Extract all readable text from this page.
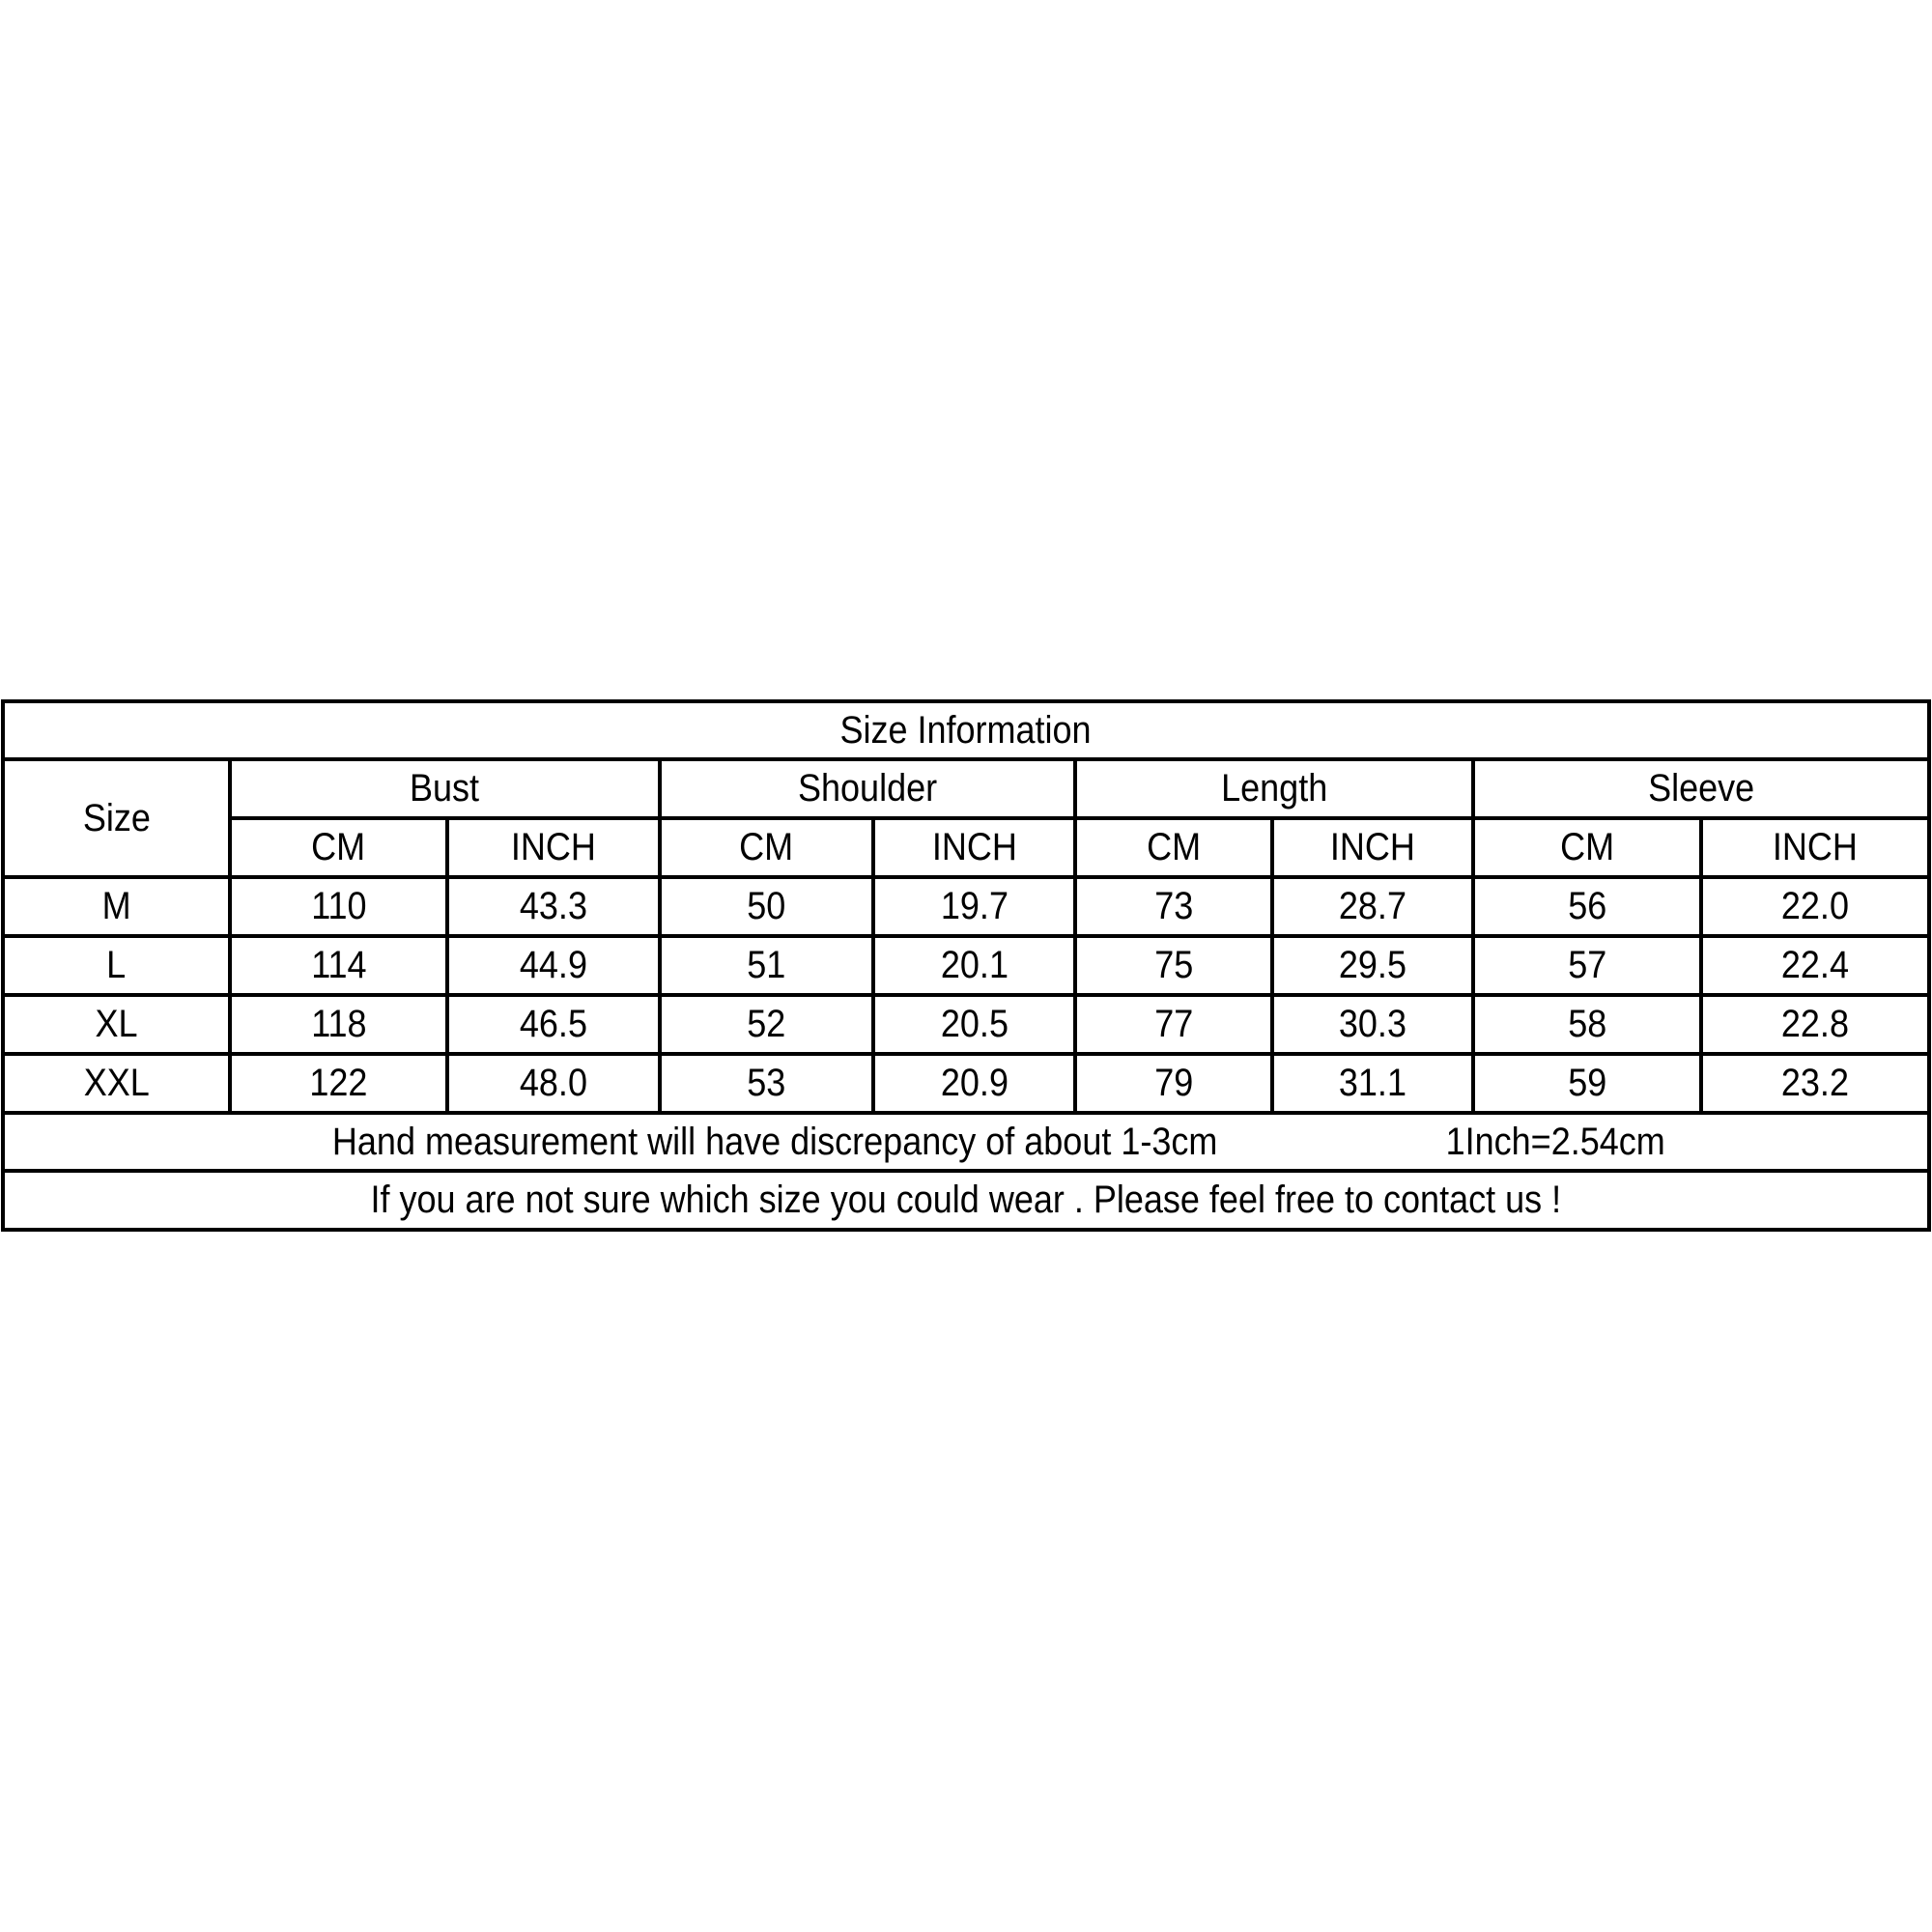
Size Information
Size
Bust	Shoulder	Length	Sleeve
CM	INCH	CM	INCH	CM	INCH	CM	INCH
M	110	43.3	50	19.7	73	28.7	56	22.0
L	114	44.9	51	20.1	75	29.5	57	22.4
XL	118	46.5	52	20.5	77	30.3	58	22.8
XXL	122	48.0	53	20.9	79	31.1	59	23.2
Hand measurement will have discrepancy of about 1-3cm	1Inch=2.54cm
If you are not sure which size you could wear . Please feel free to contact us !
